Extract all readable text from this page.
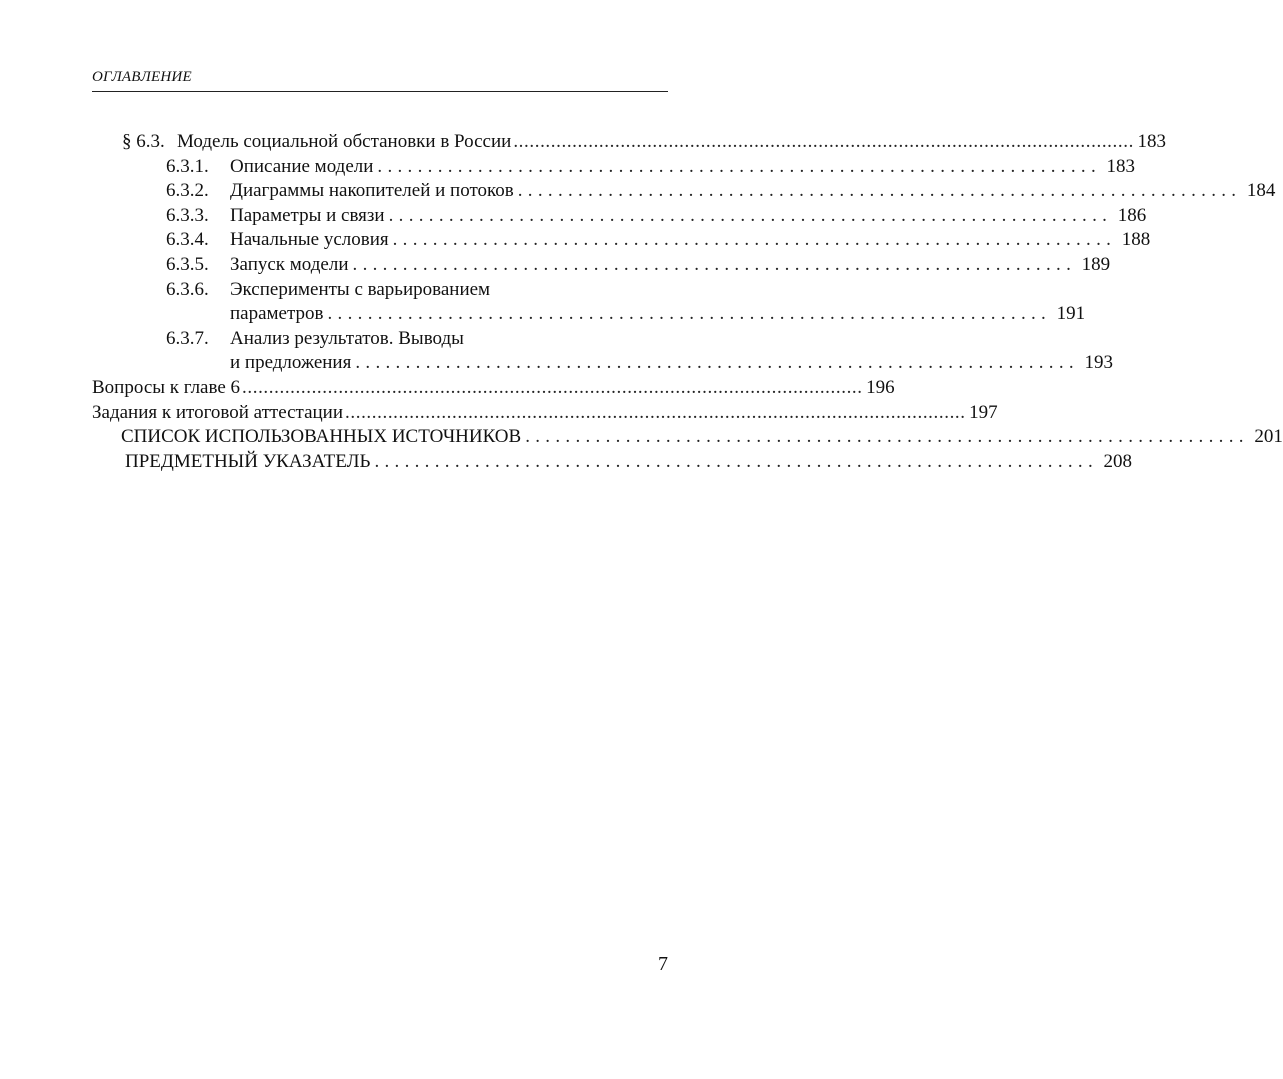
ОГЛАВЛЕНИЕ
§ 6.3. Модель социальной обстановки в России .................................................................................................................... 183
6.3.1.	Описание модели ........................................................................ 183
6.3.2.	Диаграммы накопителей и потоков ........................................................................ 184
6.3.3.	Параметры и связи ........................................................................ 186
6.3.4.	Начальные условия ........................................................................ 188
6.3.5.	Запуск модели ........................................................................ 189
6.3.6.	Эксперименты с варьированием
параметров ........................................................................ 191
6.3.7.	Анализ результатов. Выводы
и предложения ........................................................................ 193
Вопросы к главе 6 .................................................................................................................... 196
Задания к итоговой аттестации .................................................................................................................... 197
СПИСОК ИСПОЛЬЗОВАННЫХ ИСТОЧНИКОВ ........................................................................ 201
ПРЕДМЕТНЫЙ УКАЗАТЕЛЬ ........................................................................ 208
7
